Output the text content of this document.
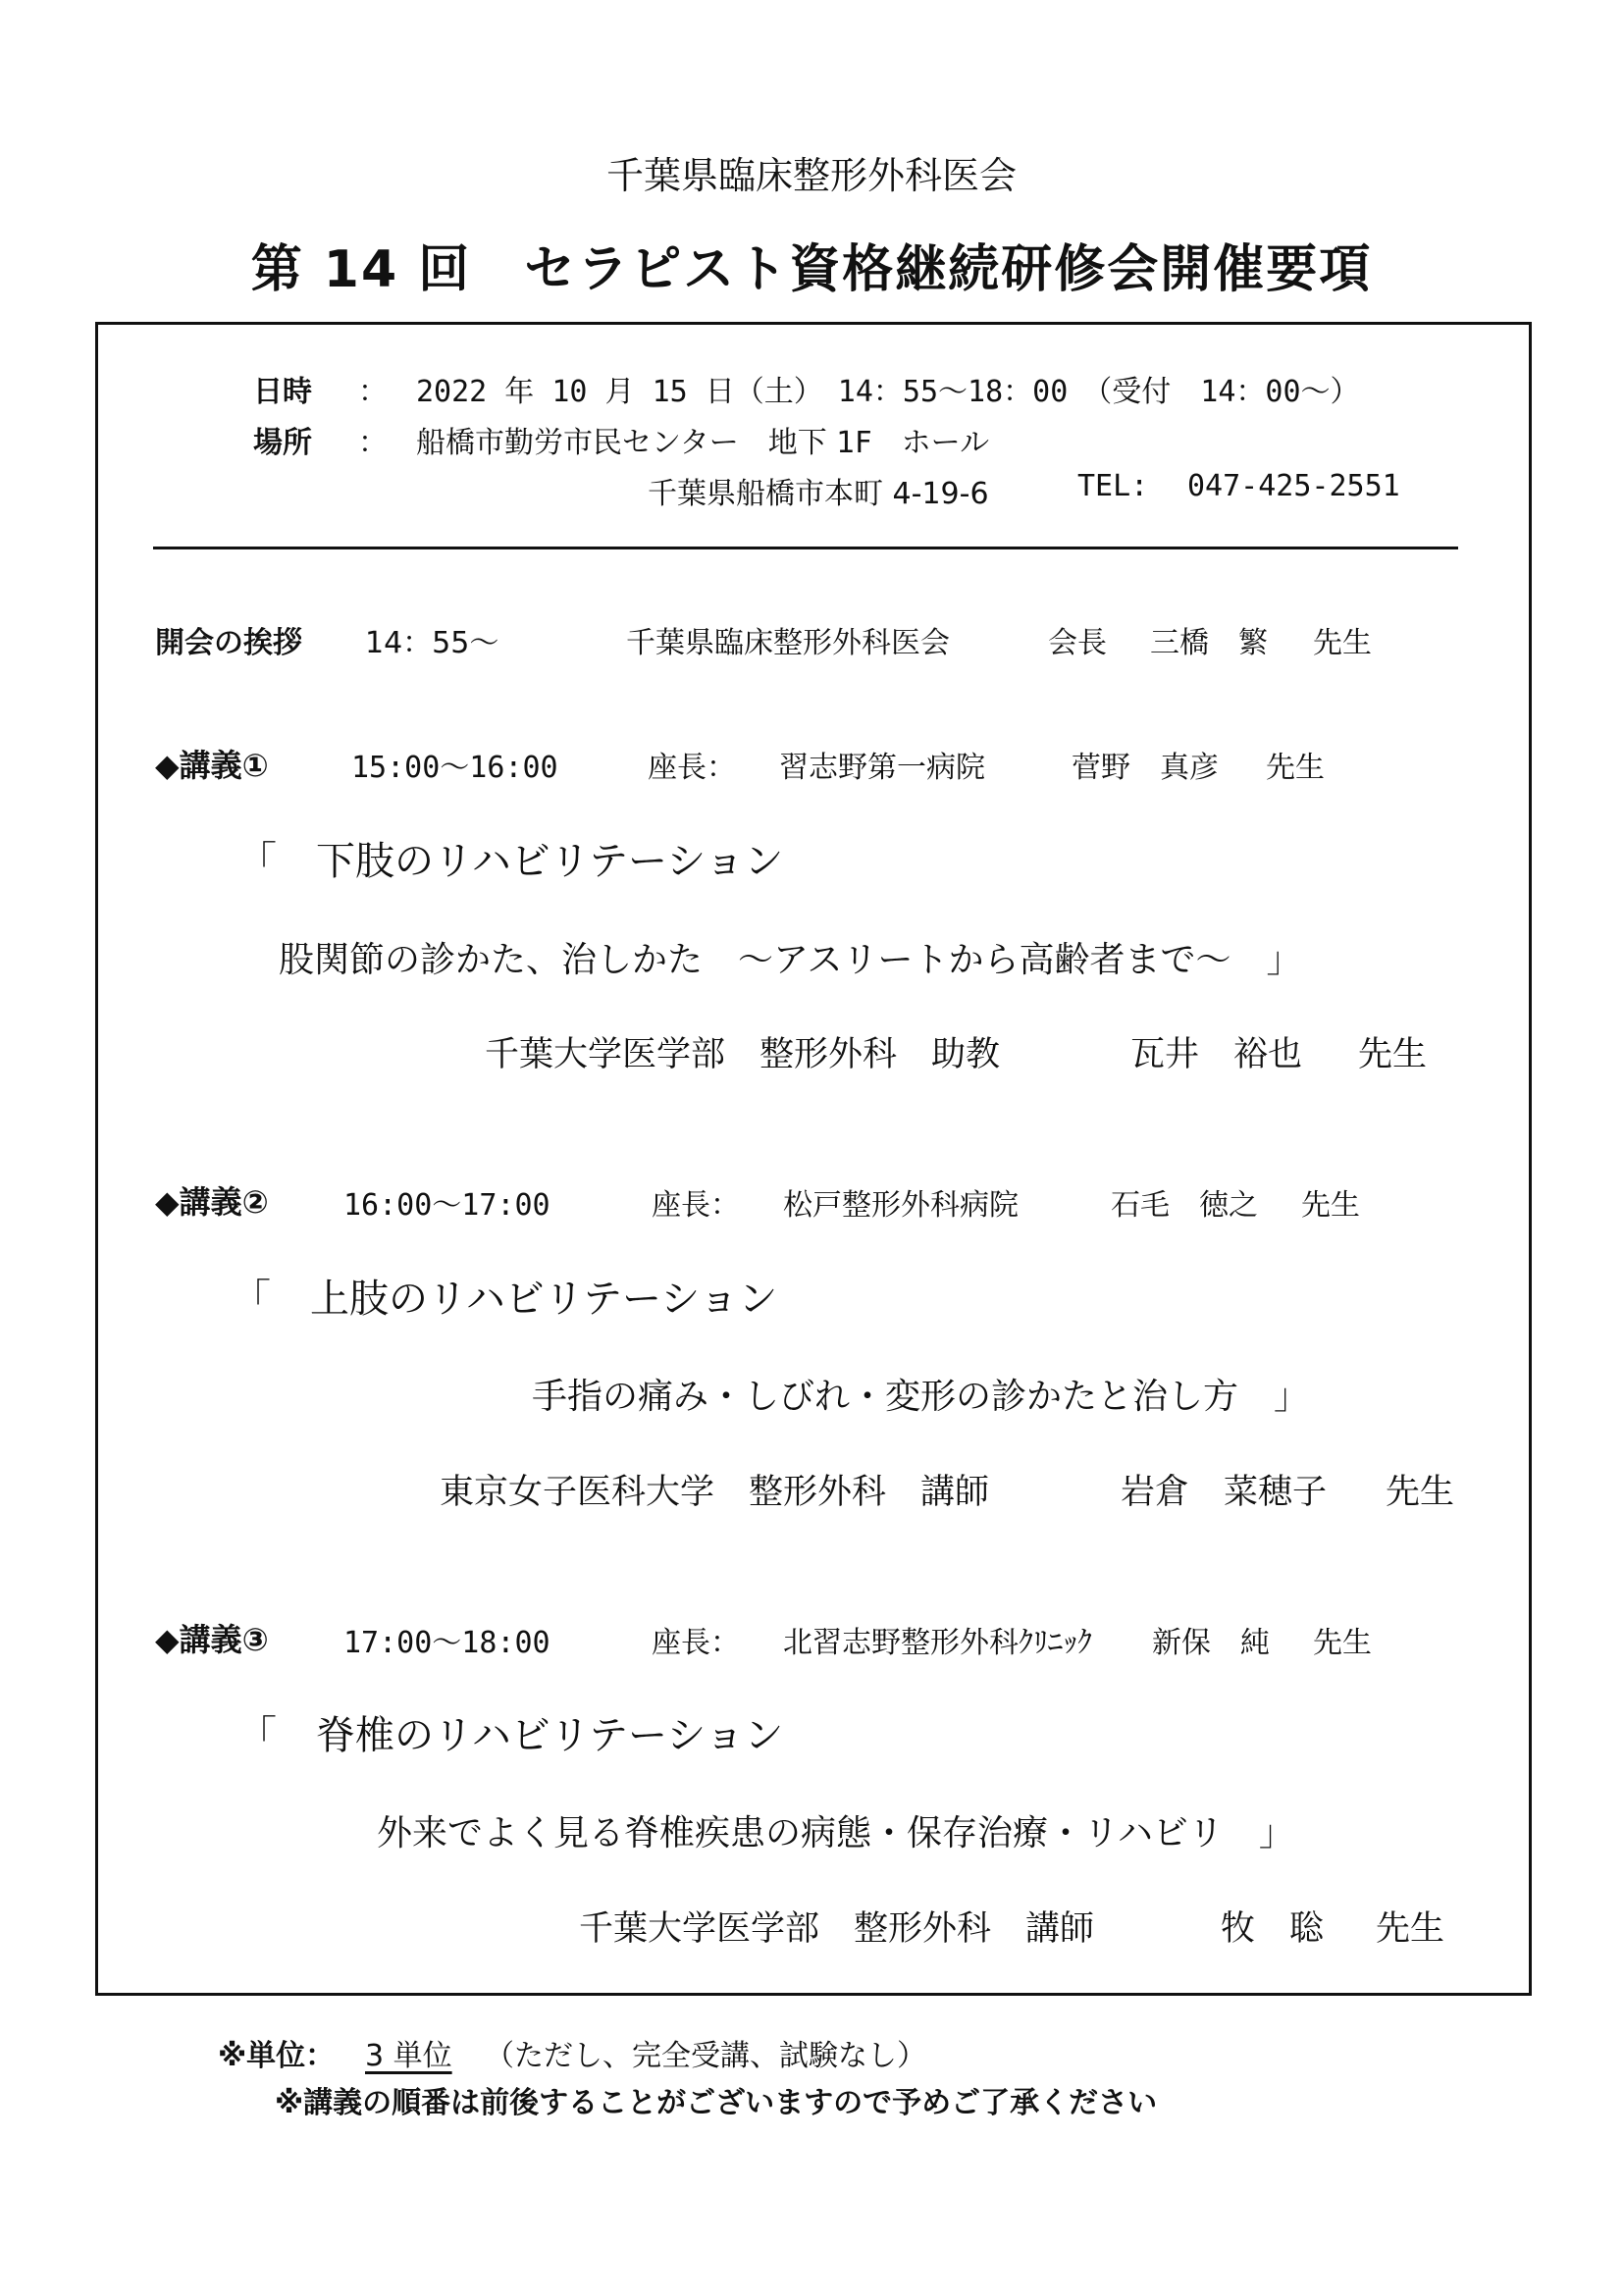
千葉県臨床整形外科医会
第 14 回　セラピスト資格継続研修会開催要項
日時 ： 2022 年 10 月 15 日（土）　14：55～18：00　（受付　14：00～）
場所 ： 船橋市勤労市民センター　地下 1F　ホール
千葉県船橋市本町 4-19-6	TEL: 047-425-2551
開会の挨拶 14：55～	千葉県臨床整形外科医会	会長 三橋　繁 先生
◆講義①	15:00～16:00	座長： 習志野第一病院	菅野　真彦 先生
「　下肢のリハビリテーション
股関節の診かた、治しかた　～アスリートから高齢者まで～　」
千葉大学医学部　整形外科　助教	瓦井　裕也 先生
◆講義②	16:00～17:00	座長： 松戸整形外科病院	石毛　徳之 先生
「　上肢のリハビリテーション
手指の痛み・しびれ・変形の診かたと治し方　」
東京女子医科大学　整形外科　講師	岩倉　菜穂子 先生
◆講義③	17:00～18:00	座長： 北習志野整形外科ｸﾘﾆｯｸ 新保　純 先生
「　脊椎のリハビリテーション
外来でよく見る脊椎疾患の病態・保存治療・リハビリ　」
千葉大学医学部　整形外科　講師	牧　聡 先生
※単位： 3 単位 （ただし、完全受講、試験なし）
※講義の順番は前後することがございますので予めご了承ください
